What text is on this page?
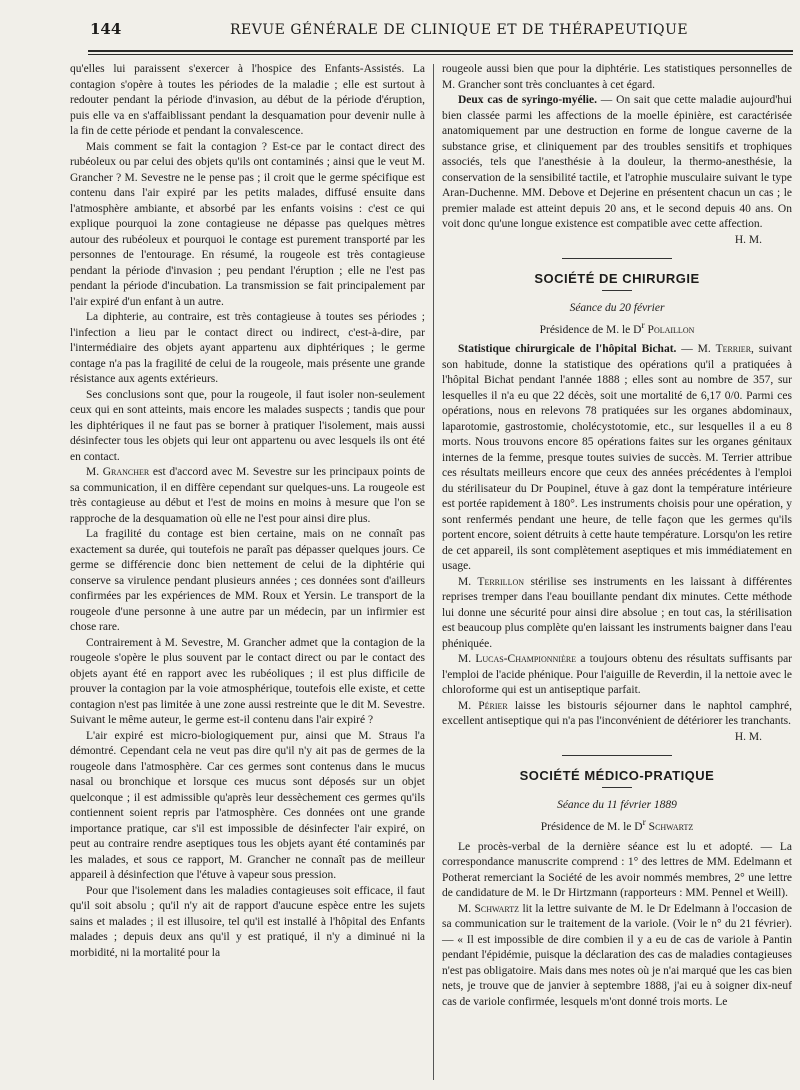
144	REVUE GÉNÉRALE DE CLINIQUE ET DE THÉRAPEUTIQUE

qu'elles lui paraissent s'exercer à l'hospice des Enfants-Assistés. La contagion s'opère à toutes les périodes de la maladie ; elle est surtout à redouter pendant la période d'invasion, au début de la période d'éruption, puis elle va en s'affaiblissant pendant la desquamation pour devenir nulle à la fin de cette période et pendant la convalescence.

Mais comment se fait la contagion ? Est-ce par le contact direct des rubéoleux ou par celui des objets qu'ils ont contaminés ; ainsi que le veut M. Grancher ? M. Sevestre ne le pense pas ; il croit que le germe spécifique est contenu dans l'air expiré par les petits malades, diffusé ensuite dans l'atmosphère ambiante, et absorbé par les enfants voisins : c'est ce qui explique pourquoi la zone contagieuse ne dépasse pas quelques mètres autour des rubéoleux et pourquoi le contage est purement transporté par les personnes de l'entourage. En résumé, la rougeole est très contagieuse pendant la période d'invasion ; peu pendant l'éruption ; elle ne l'est pas pendant la période d'incubation. La transmission se fait principalement par l'air expiré d'un enfant à un autre.

La diphterie, au contraire, est très contagieuse à toutes ses périodes ; l'infection a lieu par le contact direct ou indirect, c'est-à-dire, par l'intermédiaire des objets ayant appartenu aux diphtériques ; le germe contage n'a pas la fragilité de celui de la rougeole, mais présente une grande résistance aux agents extérieurs.

Ses conclusions sont que, pour la rougeole, il faut isoler non-seulement ceux qui en sont atteints, mais encore les malades suspects ; tandis que pour les diphtériques il ne faut pas se borner à pratiquer l'isolement, mais aussi désinfecter tous les objets qui leur ont appartenu ou avec lesquels ils ont été en contact.

M. Grancher est d'accord avec M. Sevestre sur les principaux points de sa communication, il en diffère cependant sur quelques-uns. La rougeole est très contagieuse au début et l'est de moins en moins à mesure que l'on se rapproche de la desquamation où elle ne l'est pour ainsi dire plus.

La fragilité du contage est bien certaine, mais on ne connaît pas exactement sa durée, qui toutefois ne paraît pas dépasser quelques jours. Ce germe se différencie donc bien nettement de celui de la diphtérie qui conserve sa virulence pendant plusieurs années ; ces données sont d'ailleurs confirmées par les expériences de MM. Roux et Yersin. Le transport de la rougeole d'une personne à une autre par un médecin, par un infirmier est chose rare.

Contrairement à M. Sevestre, M. Grancher admet que la contagion de la rougeole s'opère le plus souvent par le contact direct ou par le contact des objets ayant été en rapport avec les rubéoliques ; il est plus difficile de prouver la contagion par la voie atmosphérique, toutefois elle existe, et cette contagion n'est pas limitée à une zone aussi restreinte que le dit M. Sevestre. Suivant le même auteur, le germe est-il contenu dans l'air expiré ?

L'air expiré est micro-biologiquement pur, ainsi que M. Straus l'a démontré. Cependant cela ne veut pas dire qu'il n'y ait pas de germes de la rougeole dans l'atmosphère. Car ces germes sont contenus dans le mucus nasal ou bronchique et lorsque ces mucus sont déposés sur un objet quelconque ; il est admissible qu'après leur dessèchement ces germes qu'ils contiennent soient repris par l'atmosphère. Ces données ont une grande importance pratique, car s'il est impossible de désinfecter l'air expiré, on peut au contraire rendre aseptiques tous les objets ayant été contaminés par les malades, et sous ce rapport, M. Grancher ne connaît pas de meilleur appareil à désinfection que l'étuve à vapeur sous pression.

Pour que l'isolement dans les maladies contagieuses soit efficace, il faut qu'il soit absolu ; qu'il n'y ait de rapport d'aucune espèce entre les sujets sains et malades ; il est illusoire, tel qu'il est installé à l'hôpital des Enfants malades ; depuis deux ans qu'il y est pratiqué, il n'y a diminué ni la morbidité, ni la mortalité pour la

rougeole aussi bien que pour la diphtérie. Les statistiques personnelles de M. Grancher sont très concluantes à cet égard.

Deux cas de syringo-myélie. — On sait que cette maladie aujourd'hui bien classée parmi les affections de la moelle épinière, est caractérisée anatomiquement par une destruction en forme de longue caverne de la substance grise, et cliniquement par des troubles sensitifs et trophiques associés, tels que l'anesthésie à la douleur, la thermo-anesthésie, la conservation de la sensibilité tactile, et l'atrophie musculaire suivant le type Aran-Duchenne. MM. Debove et Dejerine en présentent chacun un cas ; le premier malade est atteint depuis 20 ans, et le second depuis 40 ans. On voit donc qu'une longue existence est compatible avec cette affection.

H. M.

SOCIÉTÉ DE CHIRURGIE
Séance du 20 février
Présidence de M. le $D^r$ Polaillon

Statistique chirurgicale de l'hôpital Bichat. — M. Terrier, suivant son habitude, donne la statistique des opérations qu'il a pratiquées à l'hôpital Bichat pendant l'année 1888 ; elles sont au nombre de 357, sur lesquelles il n'a eu que 22 décès, soit une mortalité de 6,17 0/0. Parmi ces opérations, nous en relevons 78 pratiquées sur les organes abdominaux, laparotomie, gastrostomie, cholécystotomie, etc., sur lesquelles il a eu 8 morts. Nous trouvons encore 85 opérations faites sur les organes génitaux internes de la femme, presque toutes suivies de succès. M. Terrier attribue ces résultats meilleurs encore que ceux des années précédentes à l'emploi du stérilisateur du Dr Poupinel, étuve à gaz dont la température intérieure est portée rapidement à 180°. Les instruments choisis pour une opération, y sont renfermés pendant une heure, de telle façon que les germes qu'ils portent encore, soient détruits à cette haute température. Lorsqu'on les retire de cet appareil, ils sont complètement aseptiques et mis immédiatement en usage.

M. Terrillon stérilise ses instruments en les laissant à différentes reprises tremper dans l'eau bouillante pendant dix minutes. Cette méthode lui donne une sécurité pour ainsi dire absolue ; en tout cas, la stérilisation est beaucoup plus complète qu'en laissant les instruments baigner dans l'eau phéniquée.

M. Lucas-Championnière a toujours obtenu des résultats suffisants par l'emploi de l'acide phénique. Pour l'aiguille de Reverdin, il la nettoie avec le chloroforme qui est un antiseptique parfait.

M. Périer laisse les bistouris séjourner dans le naphtol camphré, excellent antiseptique qui n'a pas l'inconvénient de détériorer les tranchants.

H. M.

SOCIÉTÉ MÉDICO-PRATIQUE
Séance du 11 février 1889
Présidence de M. le $D^r$ Schwartz

Le procès-verbal de la dernière séance est lu et adopté. — La correspondance manuscrite comprend : 1° des lettres de MM. Edelmann et Potherat remerciant la Société de les avoir nommés membres, 2° une lettre de candidature de M. le Dr Hirtzmann (rapporteurs : MM. Pennel et Weill).

M. Schwartz lit la lettre suivante de M. le Dr Edelmann à l'occasion de sa communication sur le traitement de la variole. (Voir le n° du 21 février). — « Il est impossible de dire combien il y a eu de cas de variole à Pantin pendant l'épidémie, puisque la déclaration des cas de maladies contagieuses n'est pas obligatoire. Mais dans mes notes où je n'ai marqué que les cas bien nets, je trouve que de janvier à septembre 1888, j'ai eu à soigner dix-neuf cas de variole confirmée, lesquels m'ont donné trois morts. Le
